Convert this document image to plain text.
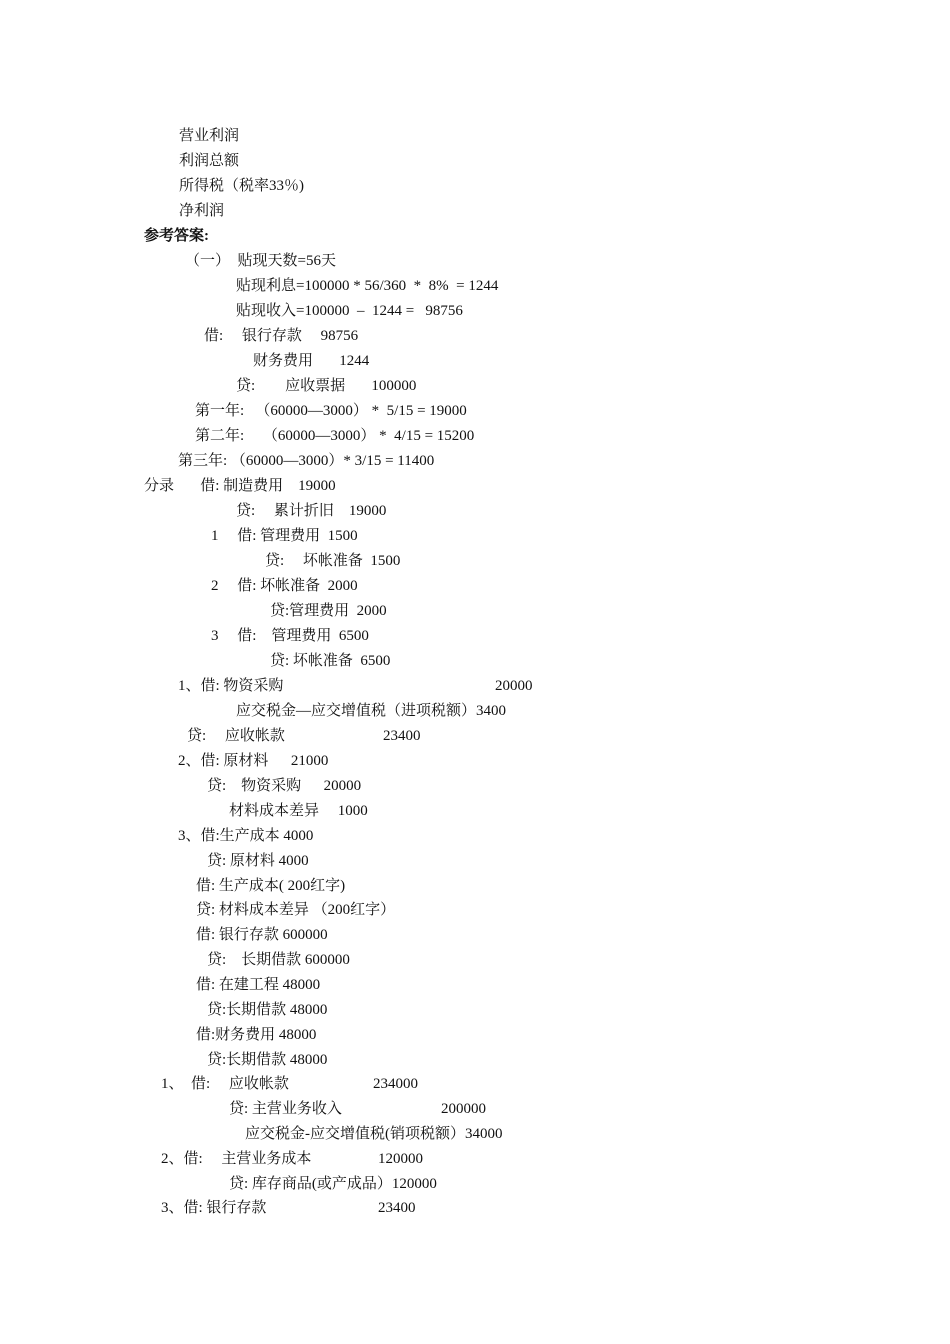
营业利润
利润总额
所得税（税率33％)
净利润
参考答案:
（一）  贴现天数=56天
贴现利息=100000 * 56/360  *  8%  = 1244
贴现收入=100000  –  1244 =   98756
借:     银行存款     98756
财务费用       1244
贷:        应收票据       100000
第一年:   （60000—3000） *  5/15 = 19000
第二年:     （60000—3000） *  4/15 = 15200
第三年: （60000—3000）* 3/15 = 11400
分录       借: 制造费用    19000
贷:     累计折旧    19000
1     借: 管理费用  1500
贷:     坏帐准备  1500
2     借: 坏帐准备  2000
贷:管理费用  2000
3     借:    管理费用  6500
贷: 坏帐准备  6500
1、借: 物资采购	20000
应交税金—应交增值税（进项税额）3400
贷:     应收帐款	23400
2、借: 原材料      21000
贷:    物资采购      20000
材料成本差异     1000
3、借:生产成本 4000
贷: 原材料 4000
借: 生产成本( 200红字)
贷: 材料成本差异 （200红字）
借: 银行存款 600000
贷:    长期借款 600000
借: 在建工程 48000
贷:长期借款 48000
借:财务费用 48000
贷:长期借款 48000
1、  借:     应收帐款	234000
贷: 主营业务收入	200000
应交税金-应交增值税(销项税额）34000
2、借:     主营业务成本	120000
贷: 库存商品(或产成品）120000
3、借: 银行存款	23400
